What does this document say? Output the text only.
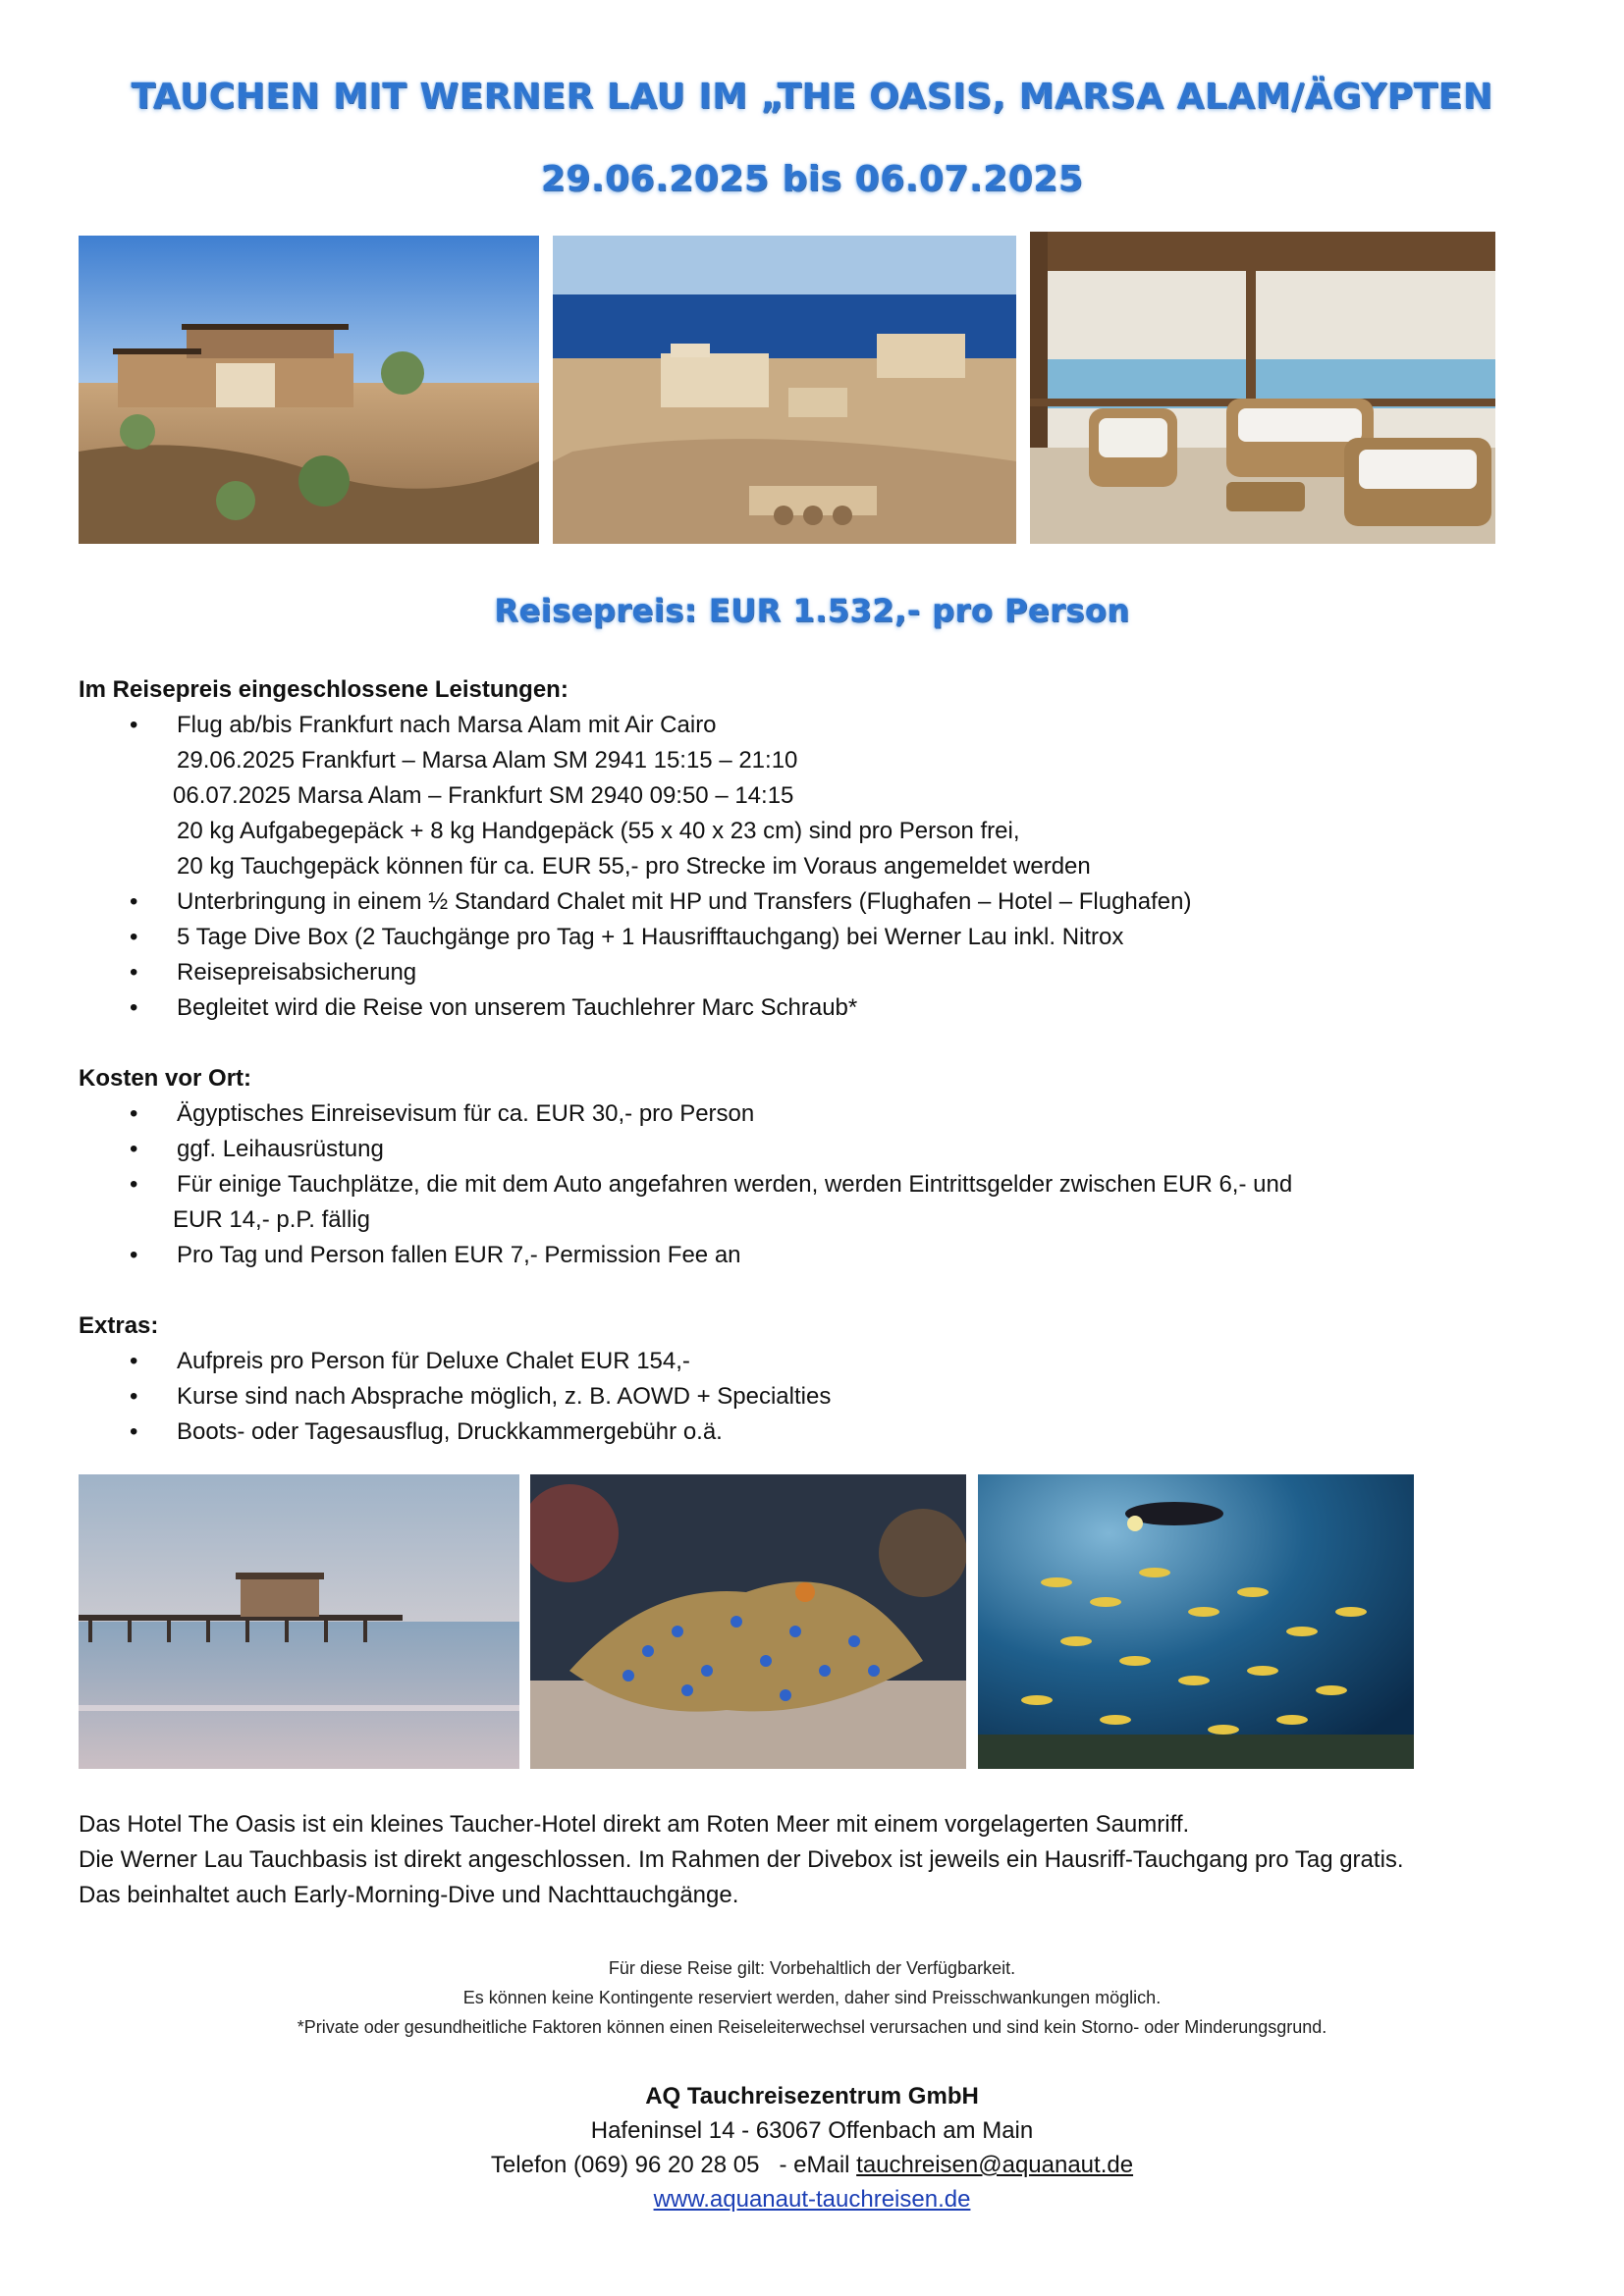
TAUCHEN MIT WERNER LAU IM „THE OASIS, MARSA ALAM/ÄGYPTEN
29.06.2025 bis 06.07.2025
Reisepreis: EUR 1.532,- pro Person
Im Reisepreis eingeschlossene Leistungen:
• Flug ab/bis Frankfurt nach Marsa Alam mit Air Cairo
29.06.2025 Frankfurt – Marsa Alam SM 2941 15:15 – 21:10
06.07.2025 Marsa Alam – Frankfurt SM 2940 09:50 – 14:15
20 kg Aufgabegepäck + 8 kg Handgepäck (55 x 40 x 23 cm) sind pro Person frei,
20 kg Tauchgepäck können für ca. EUR 55,- pro Strecke im Voraus angemeldet werden
• Unterbringung in einem ½ Standard Chalet mit HP und Transfers (Flughafen – Hotel – Flughafen)
• 5 Tage Dive Box (2 Tauchgänge pro Tag + 1 Hausrifftauchgang) bei Werner Lau inkl. Nitrox
• Reisepreisabsicherung
• Begleitet wird die Reise von unserem Tauchlehrer Marc Schraub*
Kosten vor Ort:
• Ägyptisches Einreisevisum für ca. EUR 30,- pro Person
• ggf. Leihausrüstung
• Für einige Tauchplätze, die mit dem Auto angefahren werden, werden Eintrittsgelder zwischen EUR 6,- und
EUR 14,- p.P. fällig
• Pro Tag und Person fallen EUR 7,- Permission Fee an
Extras:
• Aufpreis pro Person für Deluxe Chalet EUR 154,-
• Kurse sind nach Absprache möglich, z. B. AOWD + Specialties
• Boots- oder Tagesausflug, Druckkammergebühr o.ä.
Das Hotel The Oasis ist ein kleines Taucher-Hotel direkt am Roten Meer mit einem vorgelagerten Saumriff.
Die Werner Lau Tauchbasis ist direkt angeschlossen. Im Rahmen der Divebox ist jeweils ein Hausriff-Tauchgang pro Tag gratis.
Das beinhaltet auch Early-Morning-Dive und Nachttauchgänge.
Für diese Reise gilt: Vorbehaltlich der Verfügbarkeit.
Es können keine Kontingente reserviert werden, daher sind Preisschwankungen möglich.
*Private oder gesundheitliche Faktoren können einen Reiseleiterwechsel verursachen und sind kein Storno- oder Minderungsgrund.
AQ Tauchreisezentrum GmbH
Hafeninsel 14 - 63067 Offenbach am Main
Telefon (069) 96 20 28 05   - eMail tauchreisen@aquanaut.de
www.aquanaut-tauchreisen.de
